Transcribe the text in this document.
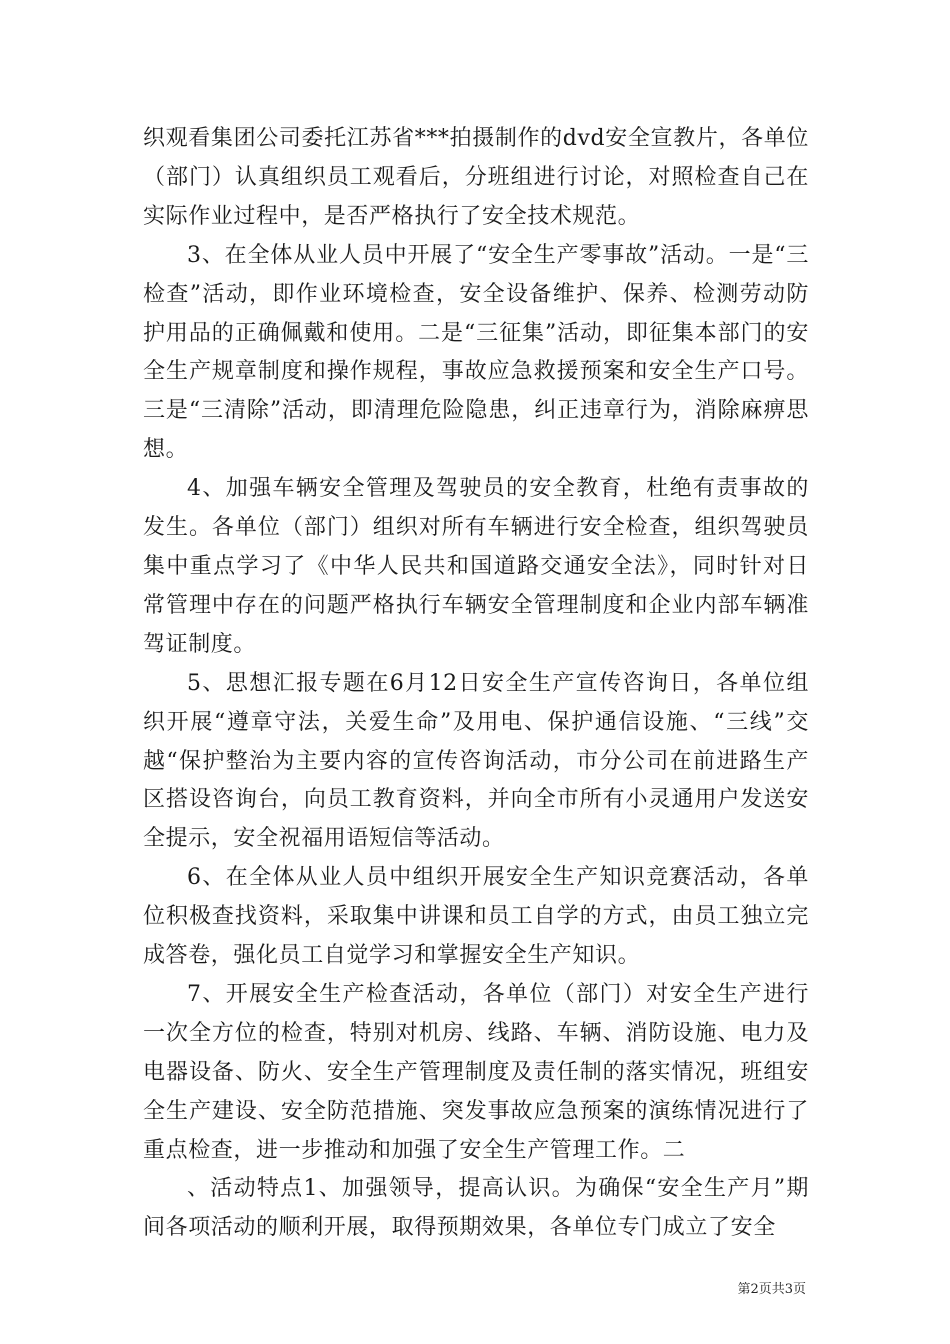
织观看集团公司委托江苏省***拍摄制作的dvd安全宣教片，各单位（部门）认真组织员工观看后，分班组进行讨论，对照检查自己在实际作业过程中，是否严格执行了安全技术规范。

3、在全体从业人员中开展了“安全生产零事故”活动。一是“三检查”活动，即作业环境检查，安全设备维护、保养、检测劳动防护用品的正确佩戴和使用。二是“三征集”活动，即征集本部门的安全生产规章制度和操作规程，事故应急救援预案和安全生产口号。三是“三清除”活动，即清理危险隐患，纠正违章行为，消除麻痹思想。

4、加强车辆安全管理及驾驶员的安全教育，杜绝有责事故的发生。各单位（部门）组织对所有车辆进行安全检查，组织驾驶员集中重点学习了《中华人民共和国道路交通安全法》，同时针对日常管理中存在的问题严格执行车辆安全管理制度和企业内部车辆准驾证制度。

5、思想汇报专题在6月12日安全生产宣传咨询日，各单位组织开展“遵章守法，关爱生命”及用电、保护通信设施、“三线”交越“保护整治为主要内容的宣传咨询活动，市分公司在前进路生产区搭设咨询台，向员工教育资料，并向全市所有小灵通用户发送安全提示，安全祝福用语短信等活动。

6、在全体从业人员中组织开展安全生产知识竞赛活动，各单位积极查找资料，采取集中讲课和员工自学的方式，由员工独立完成答卷，强化员工自觉学习和掌握安全生产知识。

7、开展安全生产检查活动，各单位（部门）对安全生产进行一次全方位的检查，特别对机房、线路、车辆、消防设施、电力及电器设备、防火、安全生产管理制度及责任制的落实情况，班组安全生产建设、安全防范措施、突发事故应急预案的演练情况进行了重点检查，进一步推动和加强了安全生产管理工作。二

、活动特点1、加强领导，提高认识。为确保“安全生产月”期间各项活动的顺利开展，取得预期效果，各单位专门成立了安全

第2页共3页
